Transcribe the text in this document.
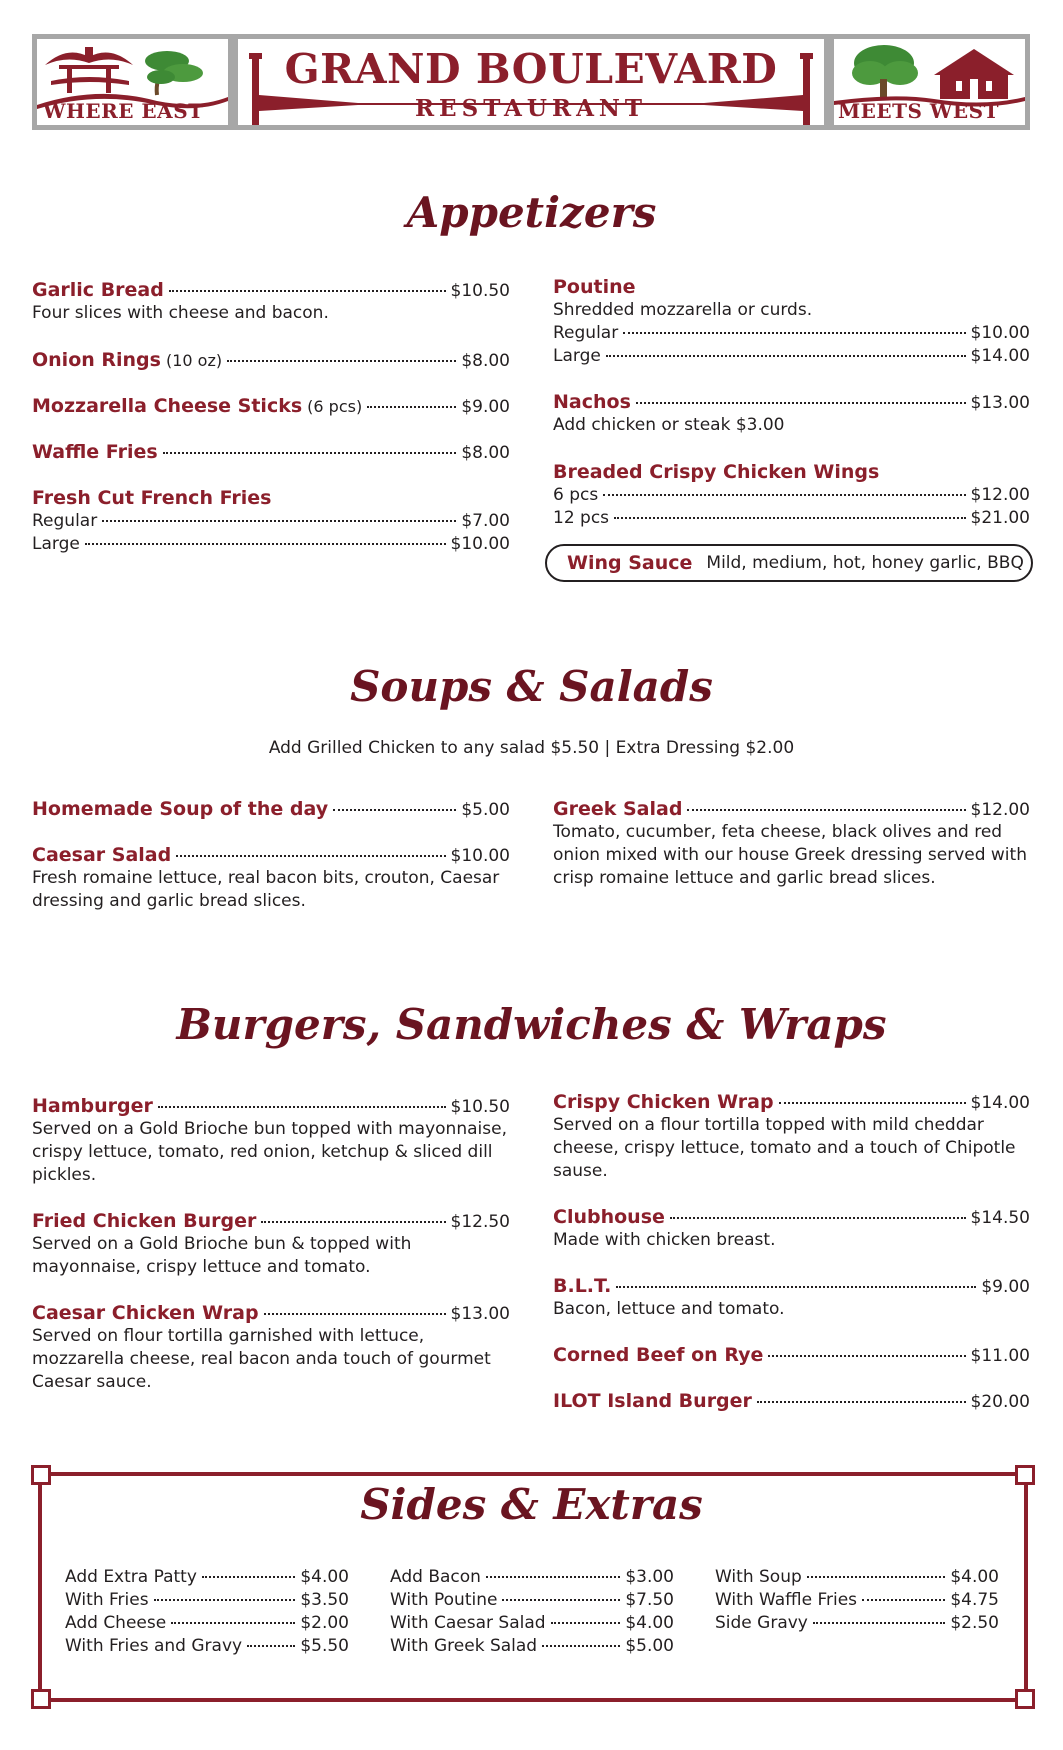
WHERE EAST
GRAND BOULEVARD
RESTAURANT	MEETS WEST
Appetizers
Garlic Bread	$10.50
Four slices with cheese and bacon.
Onion Rings (10 oz)	$8.00
Mozzarella Cheese Sticks (6 pcs)	$9.00
Waffle Fries	$8.00
Fresh Cut French Fries
Regular	$7.00
Large	$10.00
Poutine
Shredded mozzarella or curds.
Regular	$10.00
Large	$14.00
Nachos	$13.00
Add chicken or steak $3.00
Breaded Crispy Chicken Wings
6 pcs	$12.00
12 pcs	$21.00
Wing Sauce Mild, medium, hot, honey garlic, BBQ
Soups & Salads
Add Grilled Chicken to any salad $5.50 | Extra Dressing $2.00
Homemade Soup of the day	$5.00
Caesar Salad	$10.00
Fresh romaine lettuce, real bacon bits, crouton, Caesar dressing and garlic bread slices.
Greek Salad	$12.00
Tomato, cucumber, feta cheese, black olives and red onion mixed with our house Greek dressing served with crisp romaine lettuce and garlic bread slices.
Burgers, Sandwiches & Wraps
Hamburger	$10.50
Served on a Gold Brioche bun topped with mayonnaise, crispy lettuce, tomato, red onion, ketchup & sliced dill pickles.
Fried Chicken Burger	$12.50
Served on a Gold Brioche bun & topped with mayonnaise, crispy lettuce and tomato.
Caesar Chicken Wrap	$13.00
Served on flour tortilla garnished with lettuce, mozzarella cheese, real bacon anda touch of gourmet Caesar sauce.
Crispy Chicken Wrap	$14.00
Served on a flour tortilla topped with mild cheddar cheese, crispy lettuce, tomato and a touch of Chipotle sause.
Clubhouse	$14.50
Made with chicken breast.
B.L.T.	$9.00
Bacon, lettuce and tomato.
Corned Beef on Rye	$11.00
ILOT Island Burger	$20.00
Sides & Extras
Add Extra Patty	$4.00
With Fries	$3.50
Add Cheese	$2.00
With Fries and Gravy	$5.50
Add Bacon	$3.00
With Poutine	$7.50
With Caesar Salad	$4.00
With Greek Salad	$5.00
With Soup	$4.00
With Waffle Fries	$4.75
Side Gravy	$2.50
